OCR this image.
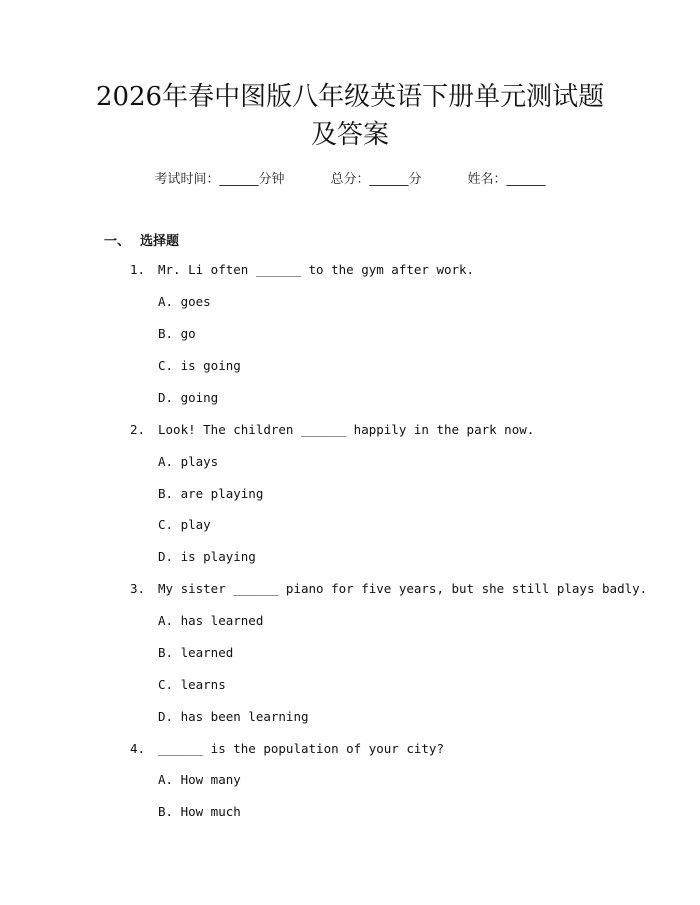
2026年春中图版八年级英语下册单元测试题
及答案
考试时间：______分钟	总分：______分	姓名：______
一、 选择题
1. Mr. Li often ______ to the gym after work.
A. goes
B. go
C. is going
D. going
2. Look! The children ______ happily in the park now.
A. plays
B. are playing
C. play
D. is playing
3. My sister ______ piano for five years, but she still plays badly.
A. has learned
B. learned
C. learns
D. has been learning
4. ______ is the population of your city?
A. How many
B. How much
